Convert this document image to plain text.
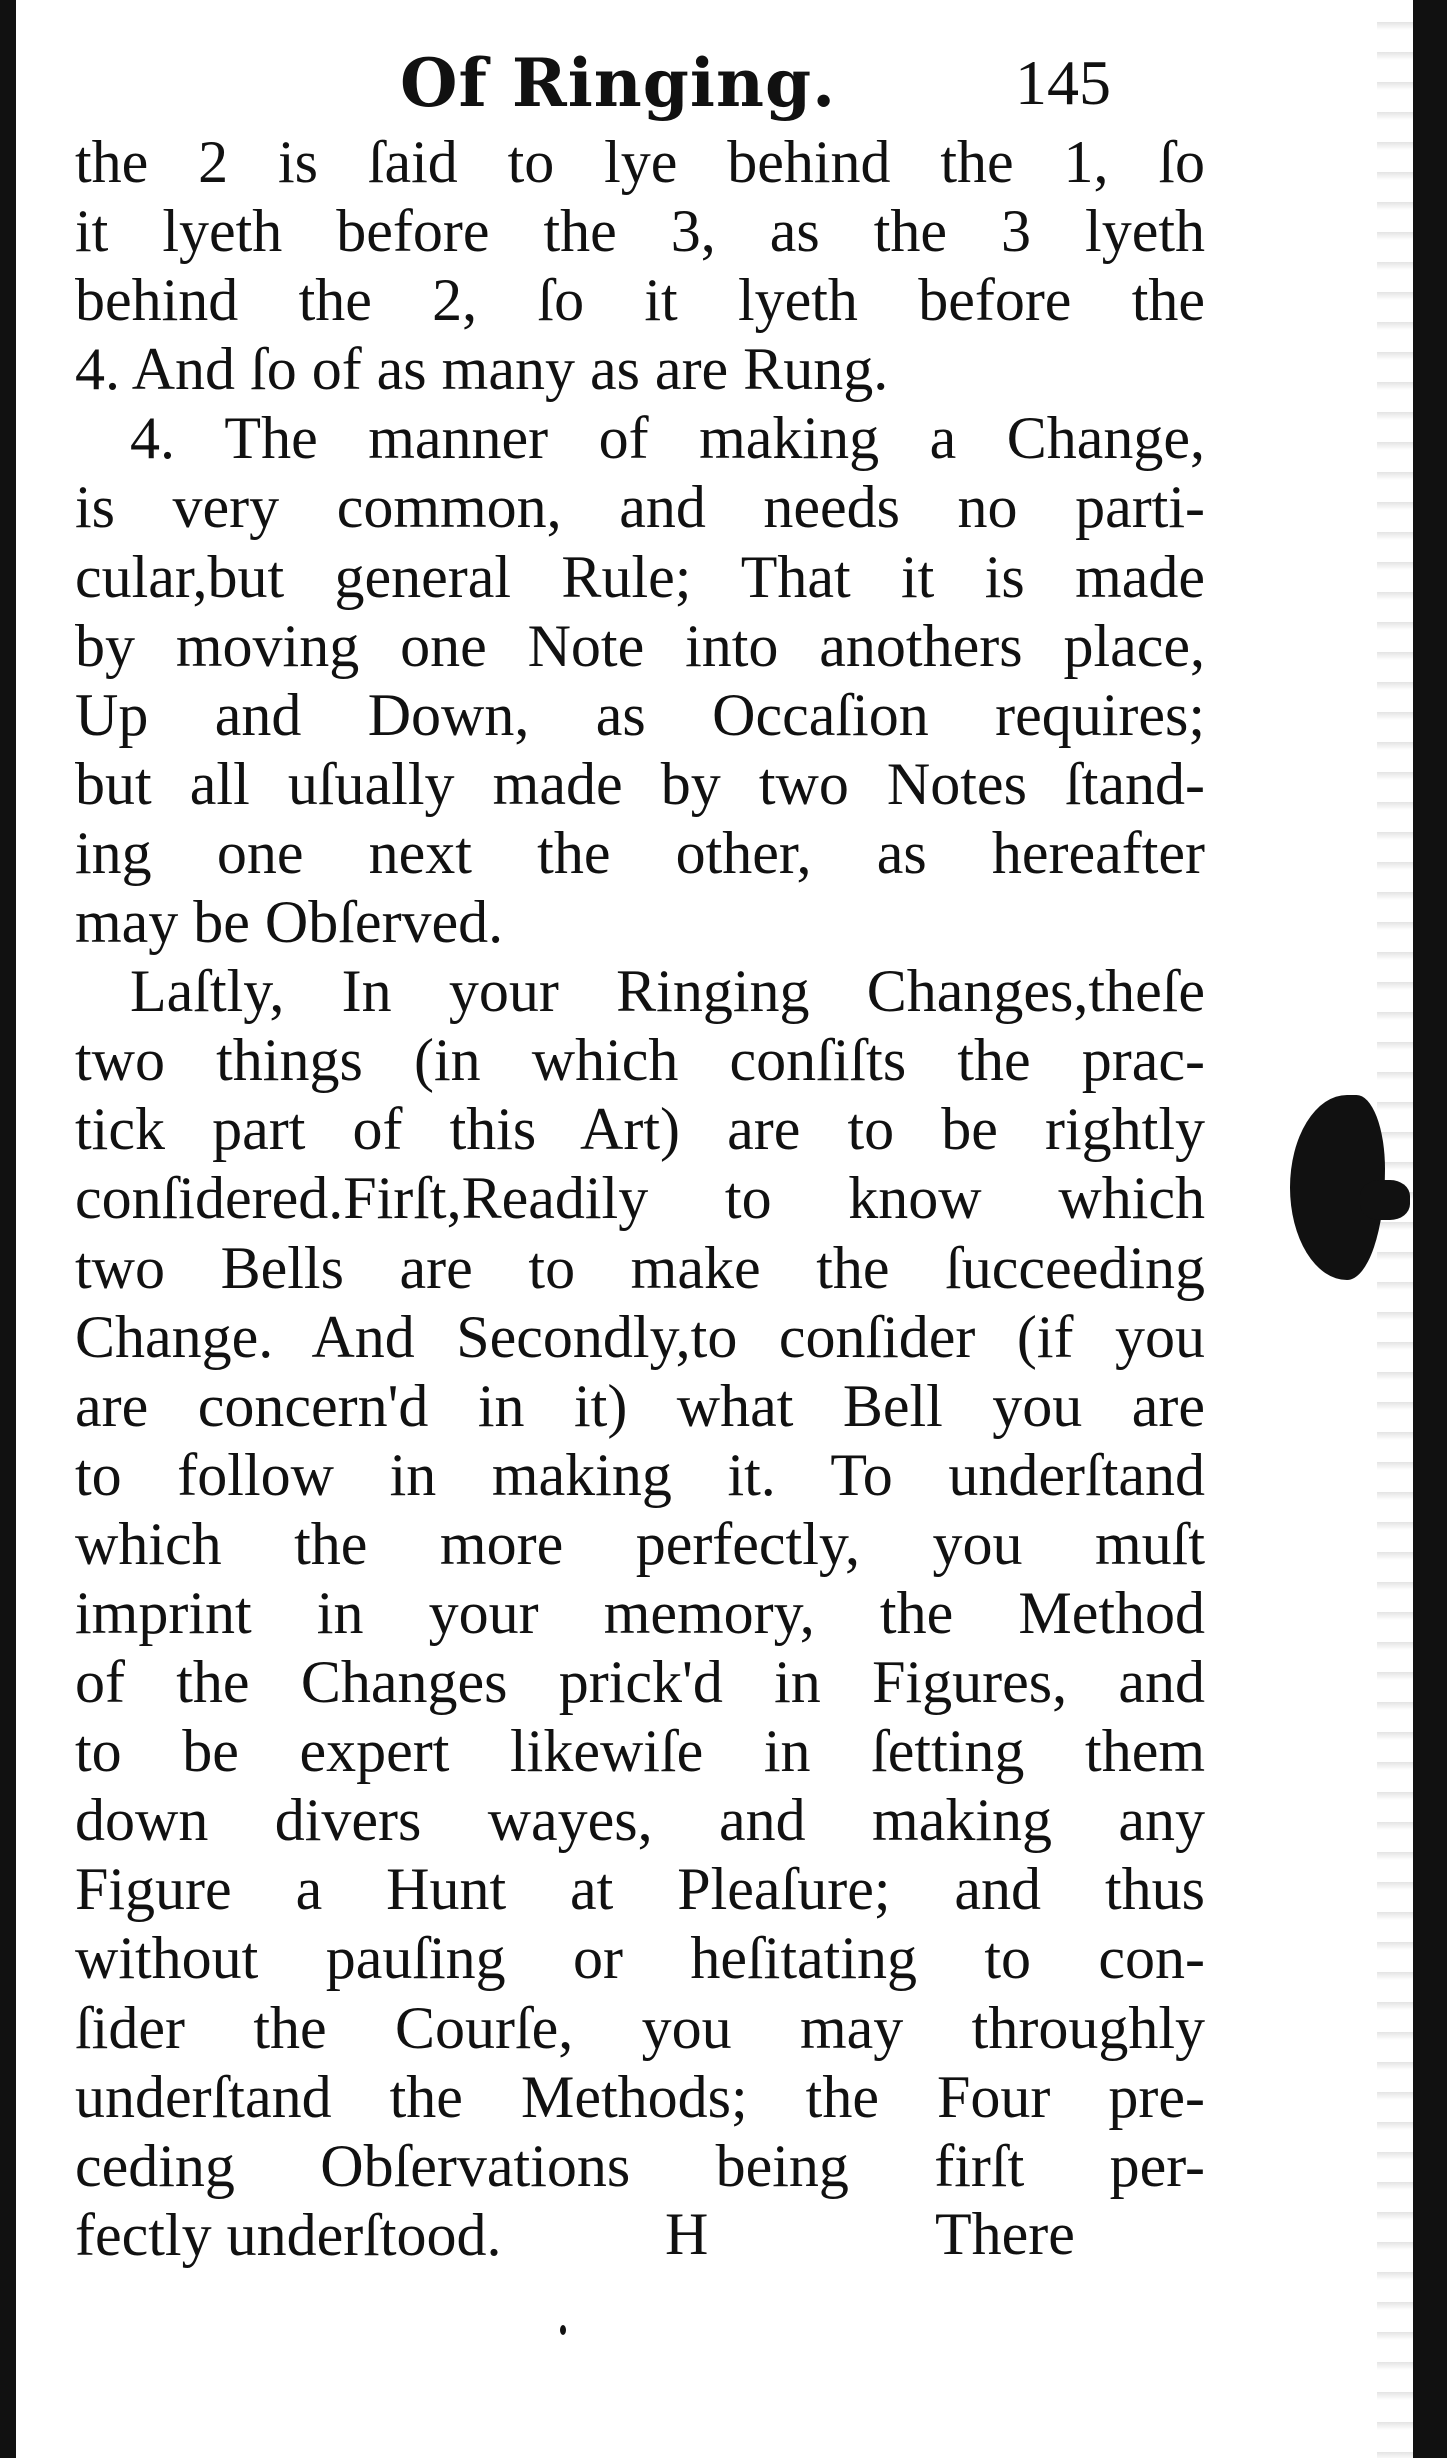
Of Ringing.	145
the 2 is ſaid to lye behind the 1, ſo
it lyeth before the 3, as the 3 lyeth
behind the 2, ſo it lyeth before the
4. And ſo of as many as are Rung.
4. The manner of making a Change,
is very common, and needs no parti-
cular,but general Rule; That it is made
by moving one Note into anothers place,
Up and Down, as Occaſion requires;
but all uſually made by two Notes ſtand-
ing one next the other, as hereafter
may be Obſerved.
Laſtly, In your Ringing Changes,theſe
two things (in which conſiſts the prac-
tick part of this Art) are to be rightly
conſidered.Firſt,Readily to know which
two Bells are to make the ſucceeding
Change. And Secondly,to conſider (if you
are concern'd in it) what Bell you are
to follow in making it. To underſtand
which the more perfectly, you muſt
imprint in your memory, the Method
of the Changes prick'd in Figures, and
to be expert likewiſe in ſetting them
down divers wayes, and making any
Figure a Hunt at Pleaſure; and thus
without pauſing or heſitating to con-
ſider the Courſe, you may throughly
underſtand the Methods; the Four pre-
ceding Obſervations being firſt per-
fectly underſtood.	H	There
